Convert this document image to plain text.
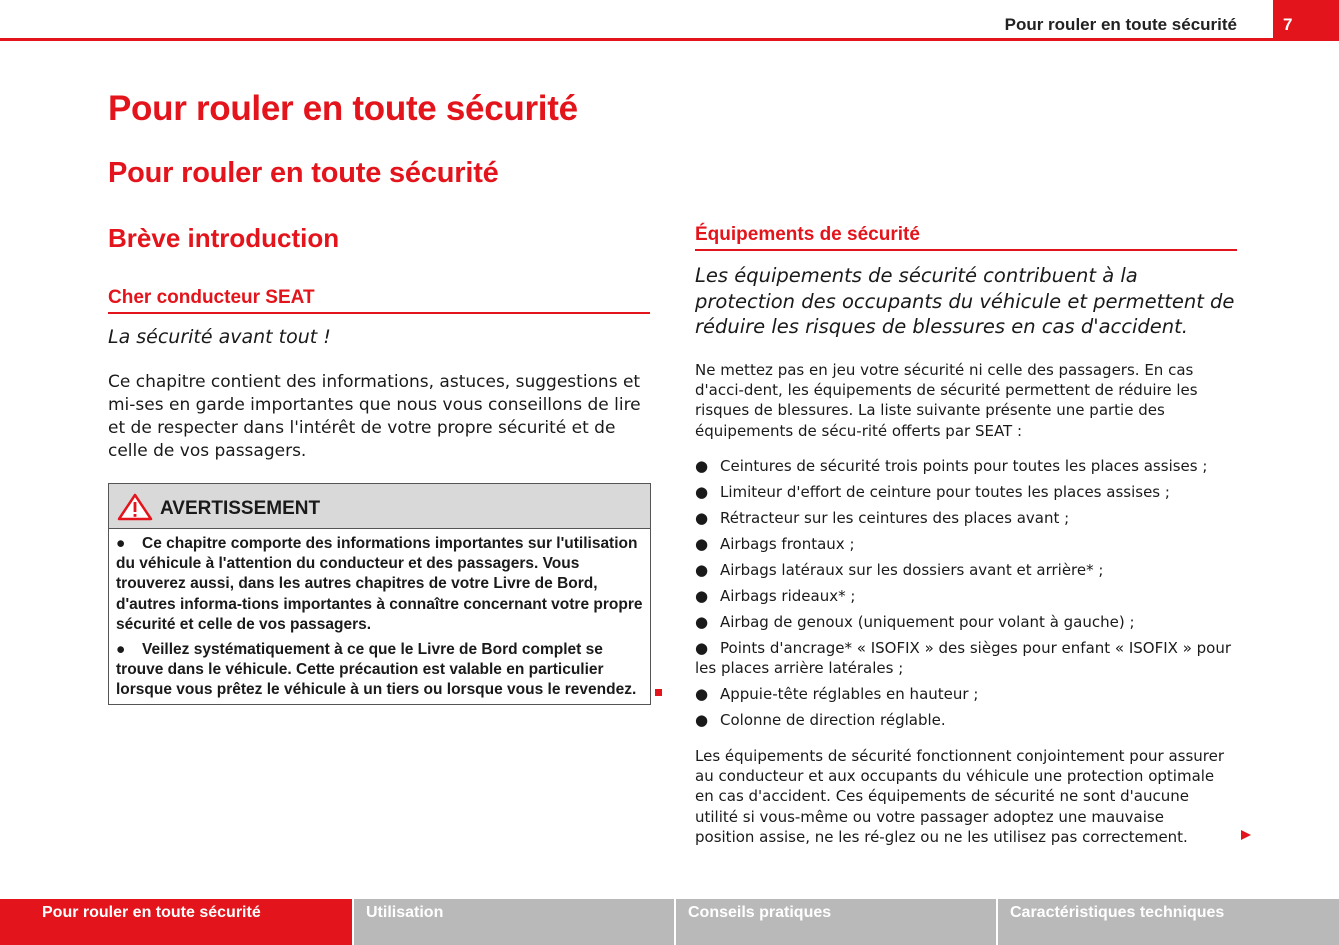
Pour rouler en toute sécurité	7
Pour rouler en toute sécurité
Pour rouler en toute sécurité
Brève introduction
Cher conducteur SEAT
La sécurité avant tout !
Ce chapitre contient des informations, astuces, suggestions et mi-ses en garde importantes que nous vous conseillons de lire et de respecter dans l'intérêt de votre propre sécurité et de celle de vos passagers.
AVERTISSEMENT

● Ce chapitre comporte des informations importantes sur l'utilisation du véhicule à l'attention du conducteur et des passagers. Vous trouverez aussi, dans les autres chapitres de votre Livre de Bord, d'autres informa-tions importantes à connaître concernant votre propre sécurité et celle de vos passagers.

● Veillez systématiquement à ce que le Livre de Bord complet se trouve dans le véhicule. Cette précaution est valable en particulier lorsque vous prêtez le véhicule à un tiers ou lorsque vous le revendez.

Équipements de sécurité
Les équipements de sécurité contribuent à la protection des occupants du véhicule et permettent de réduire les risques de blessures en cas d'accident.
Ne mettez pas en jeu votre sécurité ni celle des passagers. En cas d'acci-dent, les équipements de sécurité permettent de réduire les risques de blessures. La liste suivante présente une partie des équipements de sécu-rité offerts par SEAT :
● Ceintures de sécurité trois points pour toutes les places assises ;
● Limiteur d'effort de ceinture pour toutes les places assises ;
● Rétracteur sur les ceintures des places avant ;
● Airbags frontaux ;
● Airbags latéraux sur les dossiers avant et arrière* ;
● Airbags rideaux* ;
● Airbag de genoux (uniquement pour volant à gauche) ;
● Points d'ancrage* « ISOFIX » des sièges pour enfant « ISOFIX » pour les places arrière latérales ;
● Appuie-tête réglables en hauteur ;
● Colonne de direction réglable.
Les équipements de sécurité fonctionnent conjointement pour assurer au conducteur et aux occupants du véhicule une protection optimale en cas d'accident. Ces équipements de sécurité ne sont d'aucune utilité si vous-même ou votre passager adoptez une mauvaise position assise, ne les ré-glez ou ne les utilisez pas correctement.
Pour rouler en toute sécurité	Utilisation	Conseils pratiques	Caractéristiques techniques
